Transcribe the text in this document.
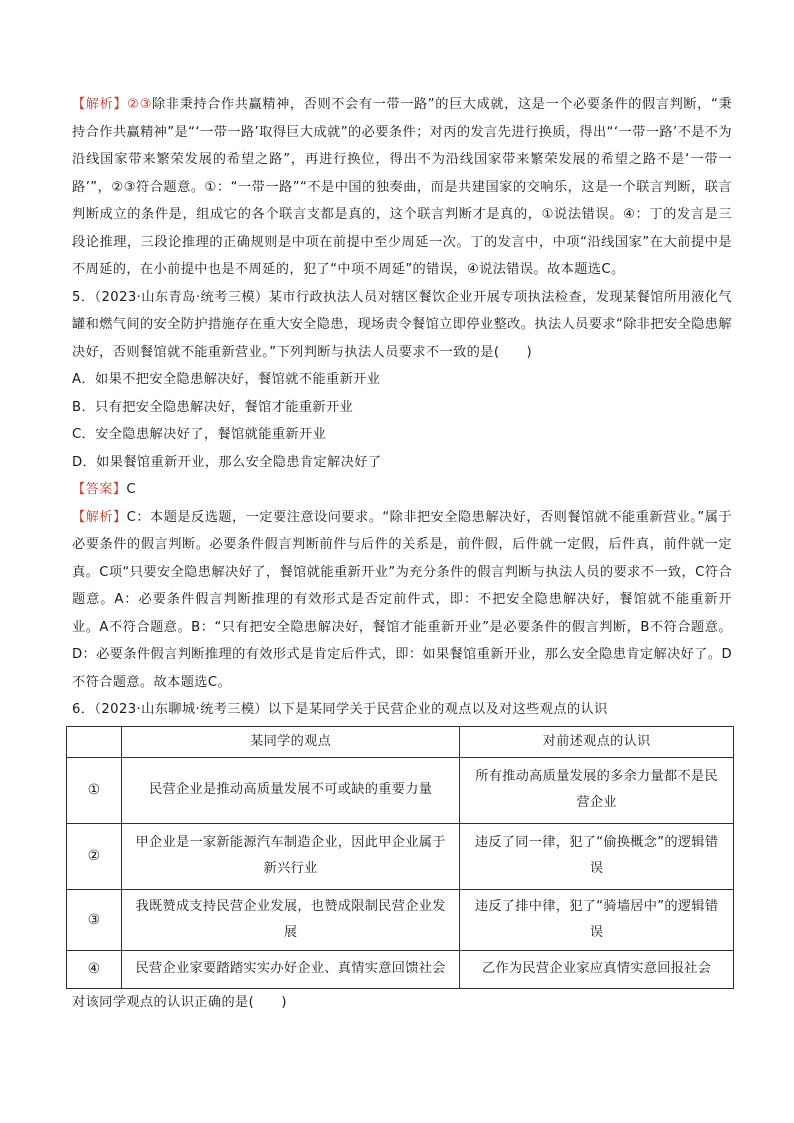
【解析】②③除非秉持合作共赢精神，否则不会有一带一路”的巨大成就，这是一个必要条件的假言判断，“秉持合作共赢精神”是“‘一带一路’取得巨大成就”的必要条件；对丙的发言先进行换质，得出“‘一带一路’不是不为沿线国家带来繁荣发展的希望之路”，再进行换位，得出不为沿线国家带来繁荣发展的希望之路不是‘一带一路’”，②③符合题意。①：“一带一路”“不是中国的独奏曲，而是共建国家的交响乐，这是一个联言判断，联言判断成立的条件是，组成它的各个联言支都是真的，这个联言判断才是真的，①说法错误。④：丁的发言是三段论推理，三段论推理的正确规则是中项在前提中至少周延一次。丁的发言中，中项“沿线国家”在大前提中是不周延的，在小前提中也是不周延的，犯了“中项不周延”的错误，④说法错误。故本题选C。

5．（2023·山东青岛·统考三模）某市行政执法人员对辖区餐饮企业开展专项执法检查，发现某餐馆所用液化气罐和燃气间的安全防护措施存在重大安全隐患，现场责令餐馆立即停业整改。执法人员要求“除非把安全隐患解决好，否则餐馆就不能重新营业。”下列判断与执法人员要求不一致的是(　　)

A．如果不把安全隐患解决好，餐馆就不能重新开业

B．只有把安全隐患解决好，餐馆才能重新开业

C．安全隐患解决好了，餐馆就能重新开业

D．如果餐馆重新开业，那么安全隐患肯定解决好了

【答案】C

【解析】C：本题是反选题，一定要注意设问要求。“除非把安全隐患解决好，否则餐馆就不能重新营业。”属于必要条件的假言判断。必要条件假言判断前件与后件的关系是，前件假，后件就一定假，后件真，前件就一定真。C项“只要安全隐患解决好了，餐馆就能重新开业”为充分条件的假言判断与执法人员的要求不一致，C符合题意。A：必要条件假言判断推理的有效形式是否定前件式，即：不把安全隐患解决好，餐馆就不能重新开业。A不符合题意。B：“只有把安全隐患解决好，餐馆才能重新开业”是必要条件的假言判断，B不符合题意。D：必要条件假言判断推理的有效形式是肯定后件式，即：如果餐馆重新开业，那么安全隐患肯定解决好了。D不符合题意。故本题选C。

6．（2023·山东聊城·统考三模）以下是某同学关于民营企业的观点以及对这些观点的认识

	某同学的观点	对前述观点的认识
①	民营企业是推动高质量发展不可或缺的重要力量	所有推动高质量发展的多余力量都不是民营企业
②	甲企业是一家新能源汽车制造企业，因此甲企业属于新兴行业	违反了同一律，犯了“偷换概念”的逻辑错误
③	我既赞成支持民营企业发展，也赞成限制民营企业发展	违反了排中律，犯了“骑墙居中”的逻辑错误
④	民营企业家要踏踏实实办好企业、真情实意回馈社会	乙作为民营企业家应真情实意回报社会

对该同学观点的认识正确的是(　　)
